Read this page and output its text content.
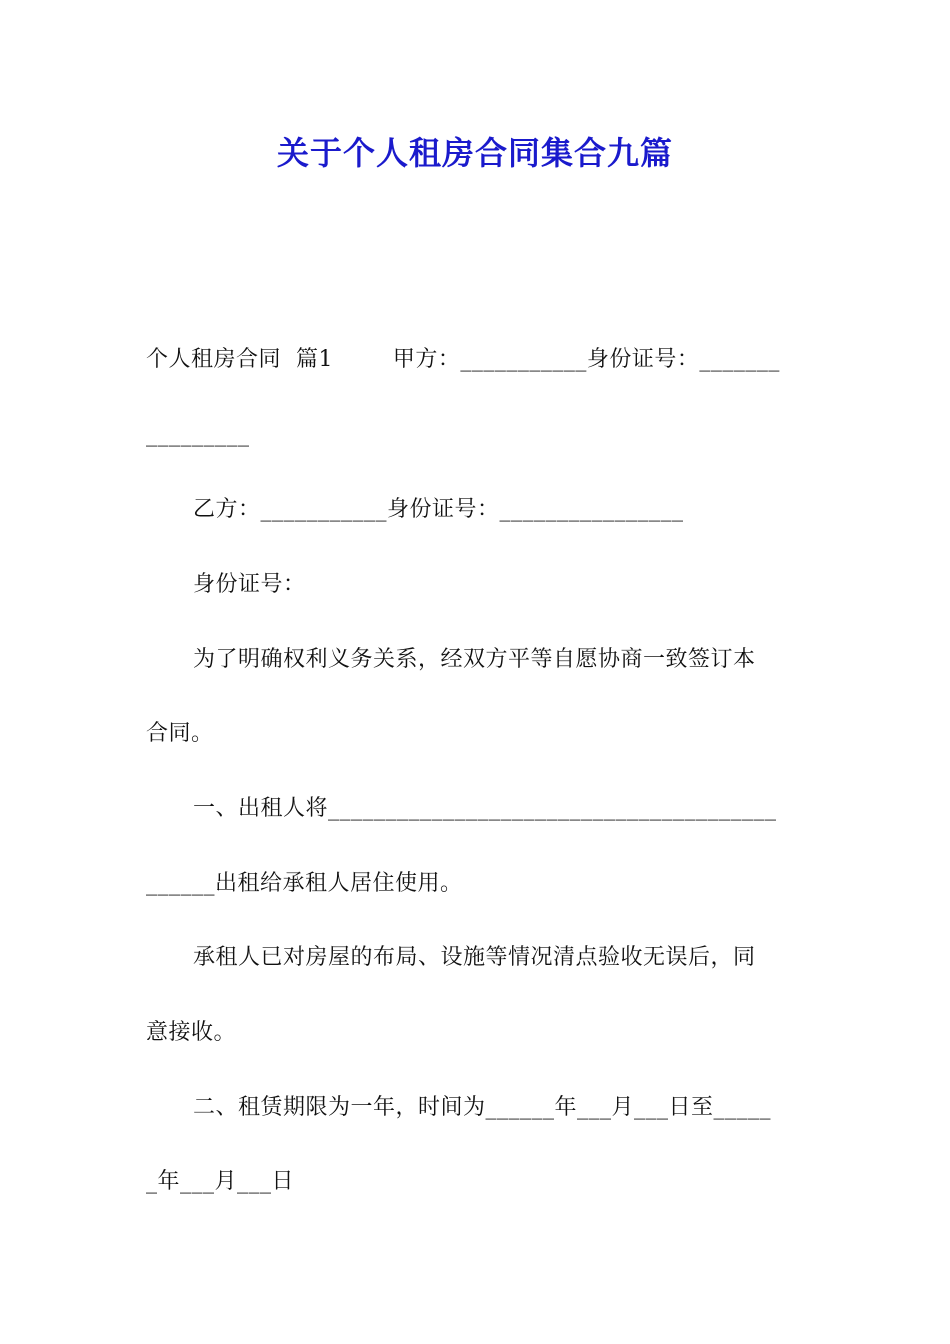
关于个人租房合同集合九篇
个人租房合同  篇1        甲方：___________身份证号：_______
_________
乙方：___________身份证号：________________
身份证号：
为了明确权利义务关系，经双方平等自愿协商一致签订本
合同。
一、出租人将_______________________________________
______出租给承租人居住使用。
承租人已对房屋的布局、设施等情况清点验收无误后，同
意接收。
二、租赁期限为一年，时间为______年___月___日至_____
_年___月___日
